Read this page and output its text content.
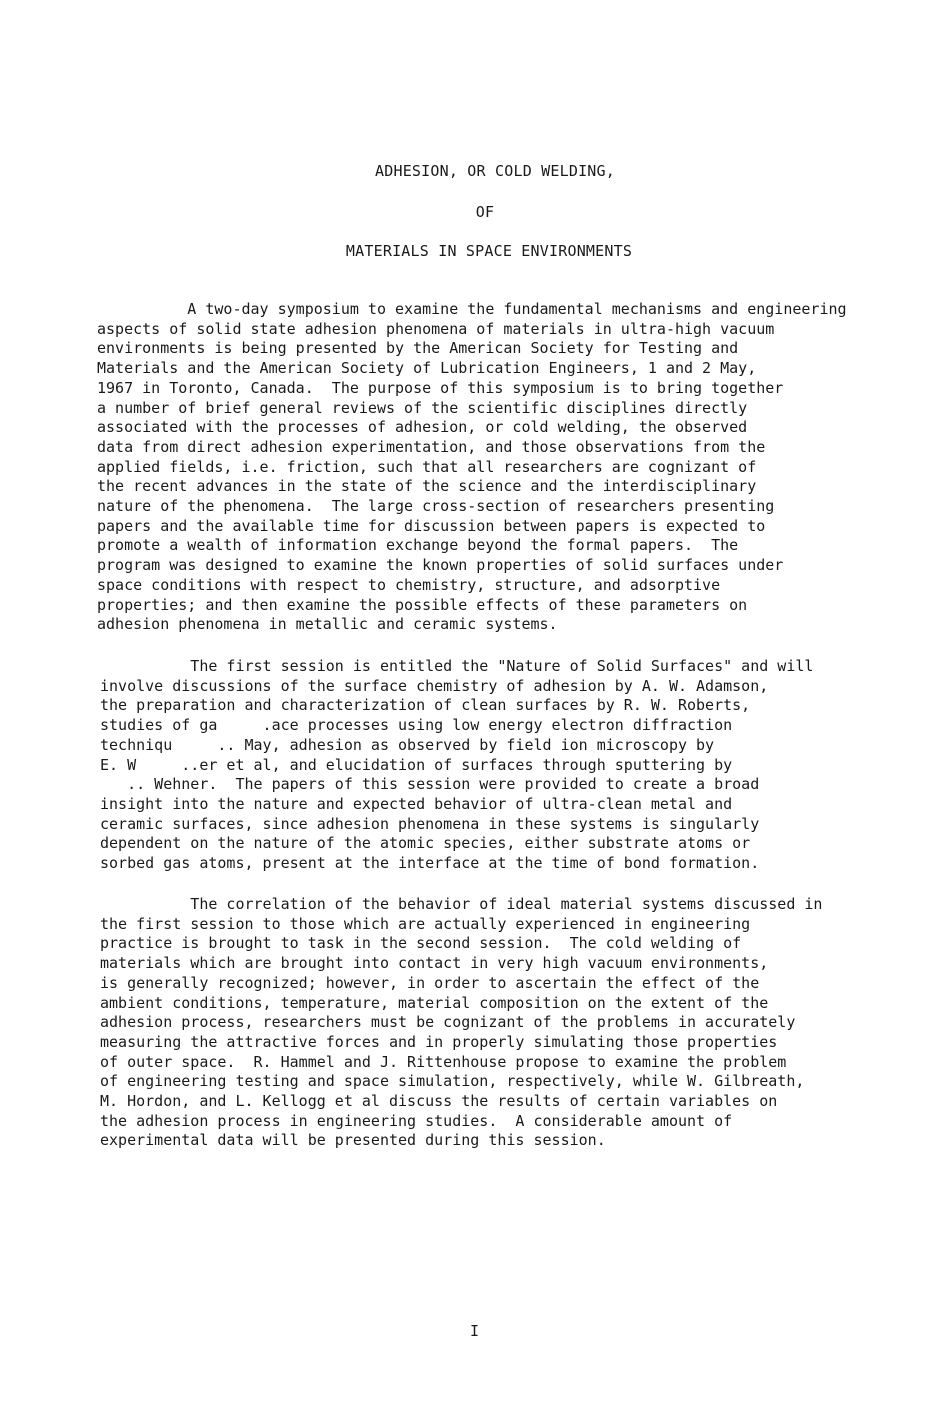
ADHESION, OR COLD WELDING,
OF
MATERIALS IN SPACE ENVIRONMENTS
A two-day symposium to examine the fundamental mechanisms and engineering
aspects of solid state adhesion phenomena of materials in ultra-high vacuum
environments is being presented by the American Society for Testing and
Materials and the American Society of Lubrication Engineers, 1 and 2 May,
1967 in Toronto, Canada.  The purpose of this symposium is to bring together
a number of brief general reviews of the scientific disciplines directly
associated with the processes of adhesion, or cold welding, the observed
data from direct adhesion experimentation, and those observations from the
applied fields, i.e. friction, such that all researchers are cognizant of
the recent advances in the state of the science and the interdisciplinary
nature of the phenomena.  The large cross-section of researchers presenting
papers and the available time for discussion between papers is expected to
promote a wealth of information exchange beyond the formal papers.  The
program was designed to examine the known properties of solid surfaces under
space conditions with respect to chemistry, structure, and adsorptive
properties; and then examine the possible effects of these parameters on
adhesion phenomena in metallic and ceramic systems.
The first session is entitled the "Nature of Solid Surfaces" and will
involve discussions of the surface chemistry of adhesion by A. W. Adamson,
the preparation and characterization of clean surfaces by R. W. Roberts,
studies of ga     .ace processes using low energy electron diffraction
techniqu     .. May, adhesion as observed by field ion microscopy by
E. W     ..er et al, and elucidation of surfaces through sputtering by
.. Wehner.  The papers of this session were provided to create a broad
insight into the nature and expected behavior of ultra-clean metal and
ceramic surfaces, since adhesion phenomena in these systems is singularly
dependent on the nature of the atomic species, either substrate atoms or
sorbed gas atoms, present at the interface at the time of bond formation.
The correlation of the behavior of ideal material systems discussed in
the first session to those which are actually experienced in engineering
practice is brought to task in the second session.  The cold welding of
materials which are brought into contact in very high vacuum environments,
is generally recognized; however, in order to ascertain the effect of the
ambient conditions, temperature, material composition on the extent of the
adhesion process, researchers must be cognizant of the problems in accurately
measuring the attractive forces and in properly simulating those properties
of outer space.  R. Hammel and J. Rittenhouse propose to examine the problem
of engineering testing and space simulation, respectively, while W. Gilbreath,
M. Hordon, and L. Kellogg et al discuss the results of certain variables on
the adhesion process in engineering studies.  A considerable amount of
experimental data will be presented during this session.
I
